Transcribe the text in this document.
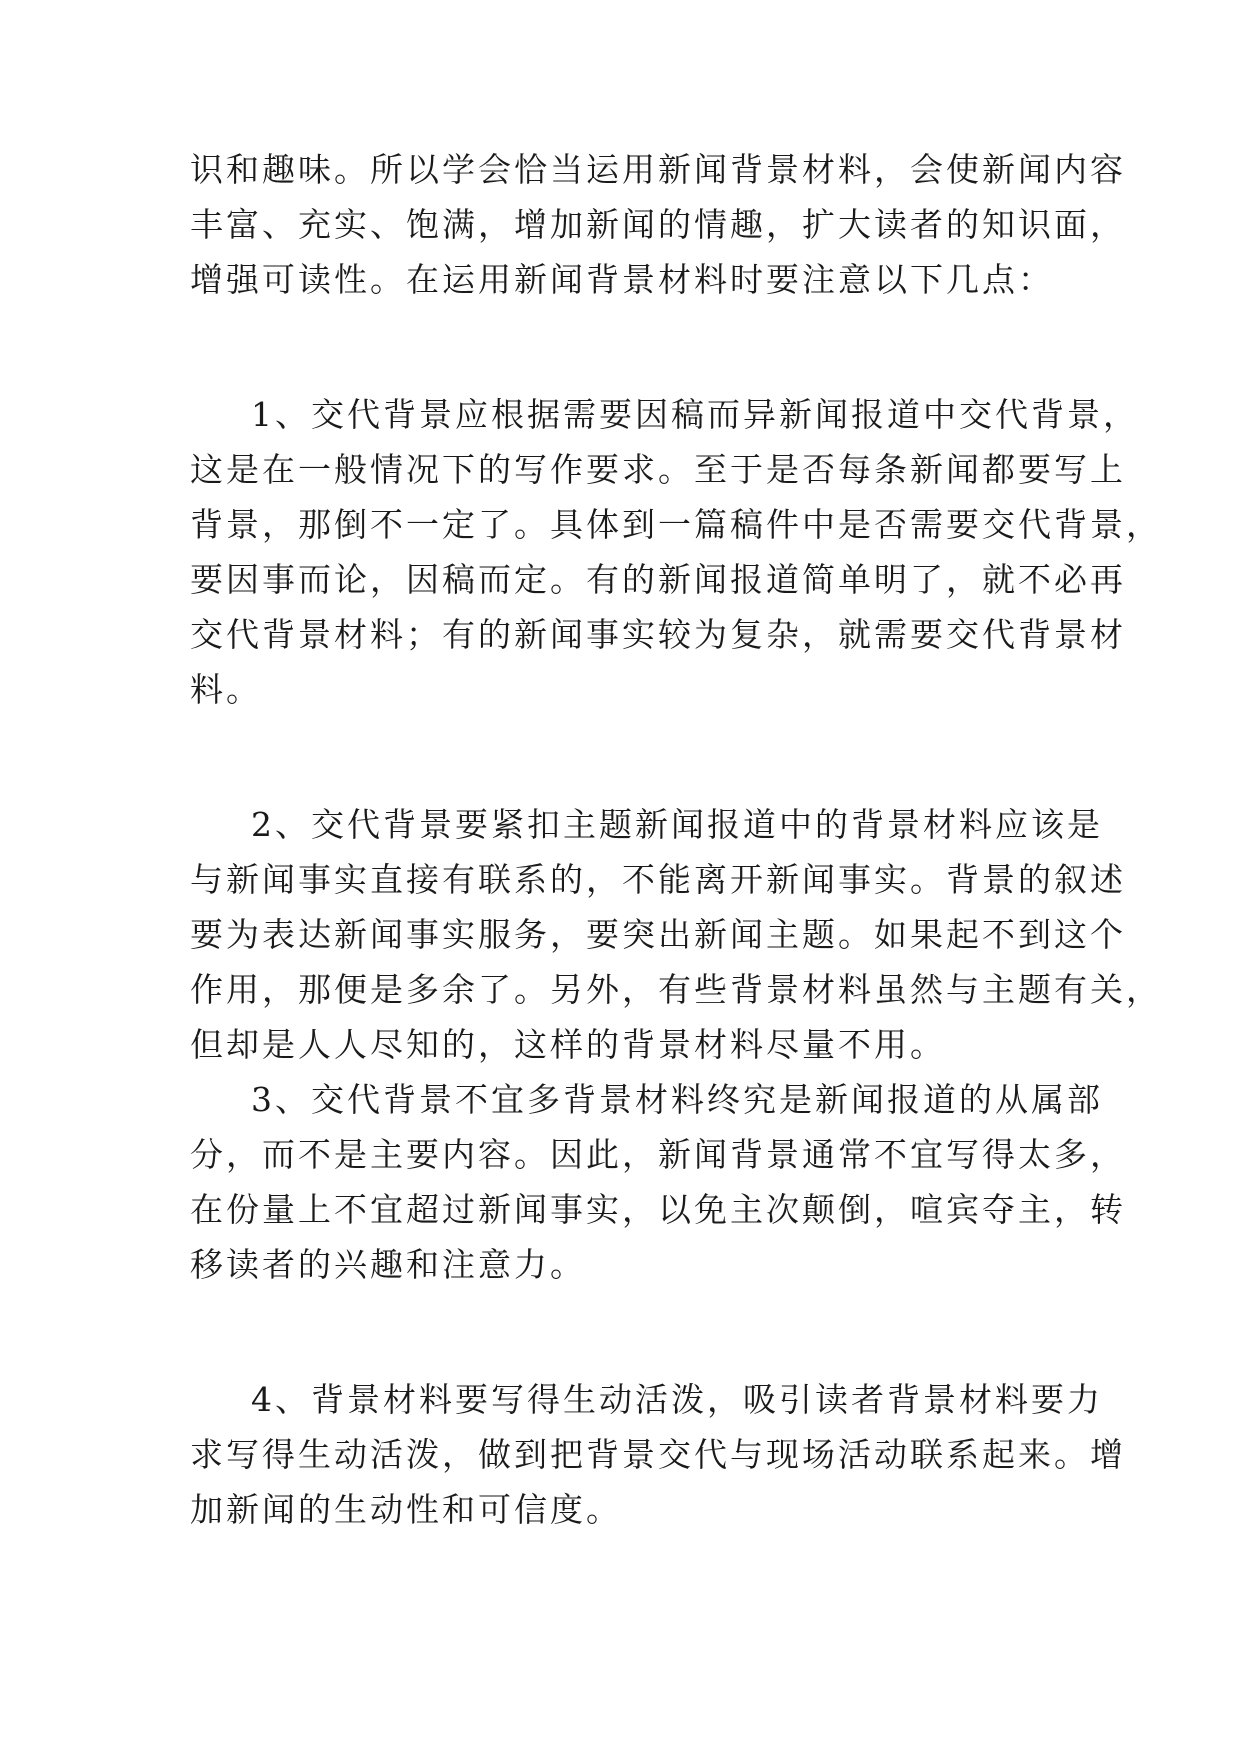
识和趣味。所以学会恰当运用新闻背景材料，会使新闻内容
丰富、充实、饱满，增加新闻的情趣，扩大读者的知识面，
增强可读性。在运用新闻背景材料时要注意以下几点：
1、交代背景应根据需要因稿而异新闻报道中交代背景，
这是在一般情况下的写作要求。至于是否每条新闻都要写上
背景，那倒不一定了。具体到一篇稿件中是否需要交代背景，
要因事而论，因稿而定。有的新闻报道简单明了，就不必再
交代背景材料；有的新闻事实较为复杂，就需要交代背景材
料。
2、交代背景要紧扣主题新闻报道中的背景材料应该是
与新闻事实直接有联系的，不能离开新闻事实。背景的叙述
要为表达新闻事实服务，要突出新闻主题。如果起不到这个
作用，那便是多余了。另外，有些背景材料虽然与主题有关，
但却是人人尽知的，这样的背景材料尽量不用。
3、交代背景不宜多背景材料终究是新闻报道的从属部
分，而不是主要内容。因此，新闻背景通常不宜写得太多，
在份量上不宜超过新闻事实，以免主次颠倒，喧宾夺主，转
移读者的兴趣和注意力。
4、背景材料要写得生动活泼，吸引读者背景材料要力
求写得生动活泼，做到把背景交代与现场活动联系起来。增
加新闻的生动性和可信度。
